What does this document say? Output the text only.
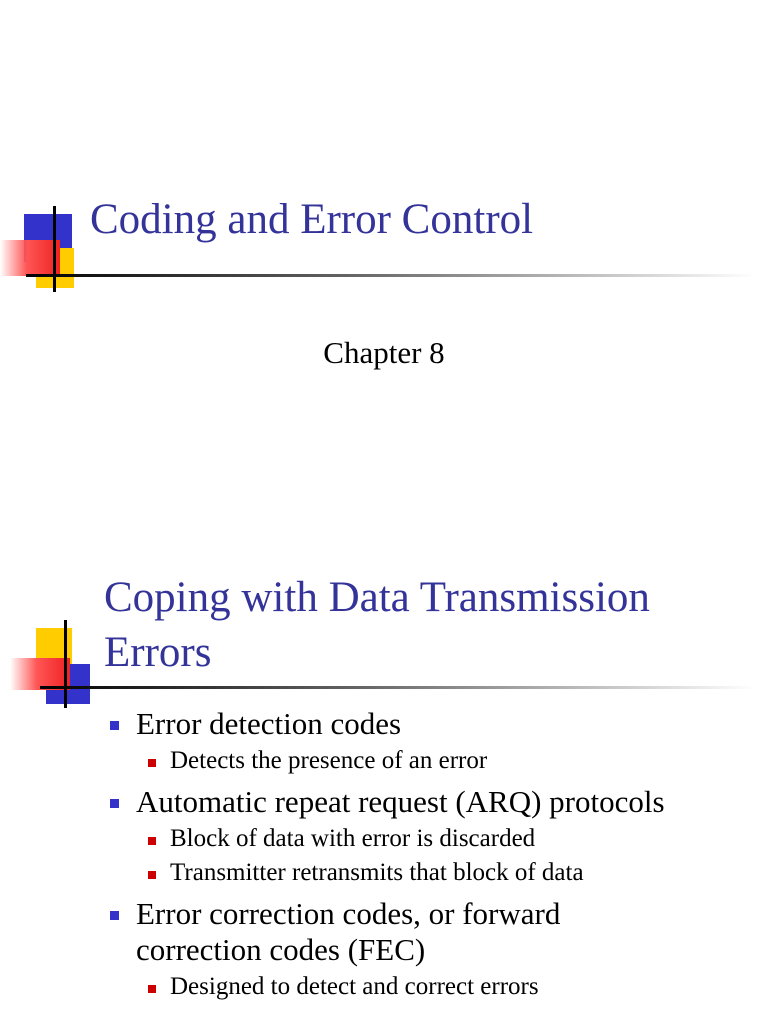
Coding and Error Control
Chapter 8
Coping with Data Transmission
Errors
Error detection codes
Detects the presence of an error
Automatic repeat request (ARQ) protocols
Block of data with error is discarded
Transmitter retransmits that block of data
Error correction codes, or forward
correction codes (FEC)
Designed to detect and correct errors
